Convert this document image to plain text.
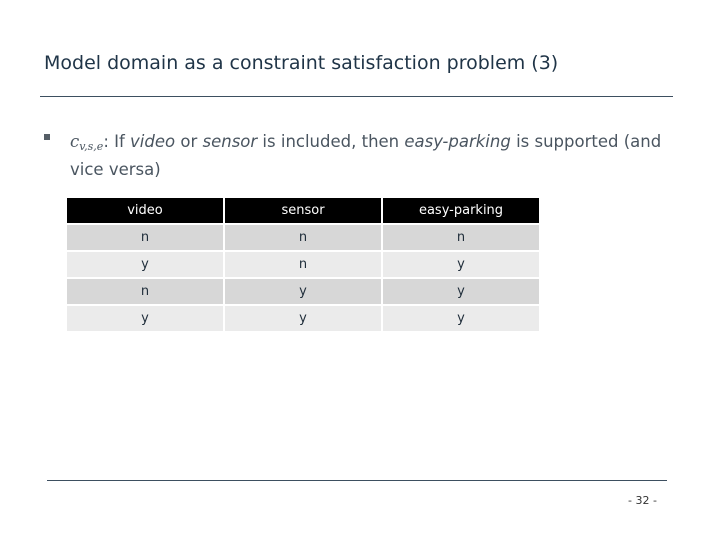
Model domain as a constraint satisfaction problem (3)
$c_{v,s,e}$: If video or sensor is included, then easy-parking is supported (and vice versa)
video	sensor	easy-parking
n	n	n
y	n	y
n	y	y
y	y	y
- 32 -
